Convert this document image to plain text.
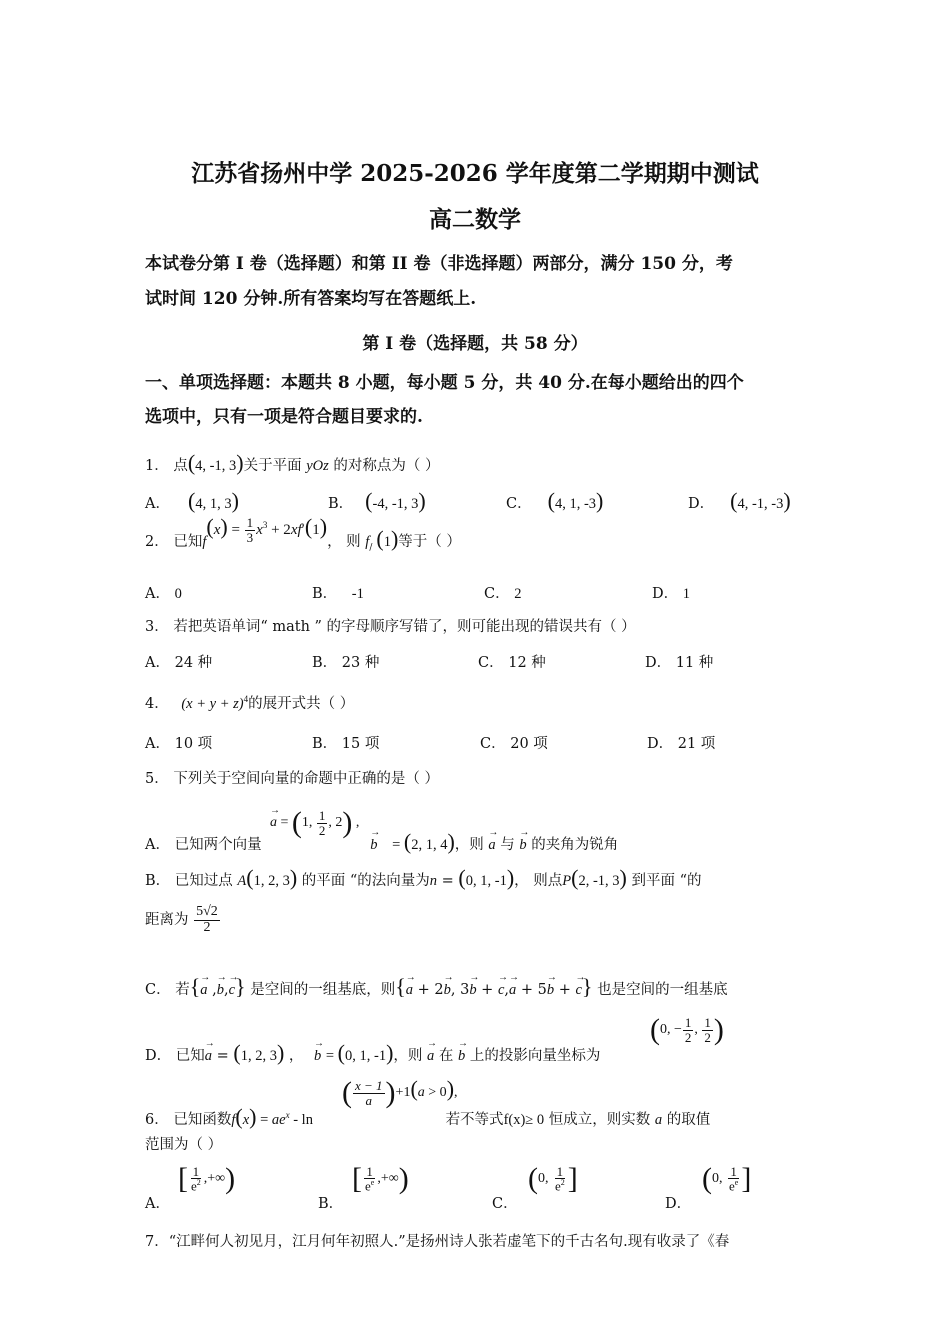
江苏省扬州中学 2025-2026 学年度第二学期期中测试
高二数学
本试卷分第 I 卷（选择题）和第 II 卷（非选择题）两部分，满分 150 分，考
试时间 120 分钟.所有答案均写在答题纸上.
第 I 卷（选择题，共 58 分）
一、单项选择题：本题共 8 小题，每小题 5 分，共 40 分.在每小题给出的四个
选项中，只有一项是符合题目要求的.
1． 点(4, -1, 3)关于平面 yOz 的对称点为（ ）
A． (4, 1, 3)	B． (-4, -1, 3)	C． (4, 1, -3)	D． (4, -1, -3)
2． 已知$f(x) = \frac{1}{3} x^3 + 2xf'(1)$， 则 $f_/$ (1)等于（ ）
A． 0	B． -1	C． 2	D． 1
3． 若把英语单词“ math ” 的字母顺序写错了，则可能出现的错误共有（ ）
A． 24 种	B． 23 种	C． 12 种	D． 11 种
4． $(x + y + z)^4$的展开式共（ ）
A． 10 项	B． 15 项	C． 20 项	D． 21 项
5． 下列关于空间向量的命题中正确的是（ ）
→ a = (1, $\frac{1}{2}$ , 2) ,
A． 已知两个向量	→ b = (2, 1, 4)，则 → a 与 → b 的夹角为锐角
B． 已知过点 A(1, 2, 3) 的平面 “的法向量为n = (0, 1, -1)， 则点P(2, -1, 3) 到平面 “的
距离为 $\frac{5√2}{2}$
C． 若{→ a ,→ b,→ c} 是空间的一组基底，则{→ a + 2→ b, 3→ b + → c,→ a + 5→ b + → c} 也是空间的一组基底
(0, − $\frac{1}{2}$ , $\frac{1}{2}$ )
D． 已知→ a = (1, 2, 3) ， → b = (0, 1, -1)，则 → a 在 → b 上的投影向量坐标为
( $\frac{x - 1}{a} )+1(a > 0)$,
6． 已知函数$f(x) = ae^x - \ln$	若不等式f(x)≥ 0 恒成立，则实数 a 的取值
范围为（ ）
A．
[ $\frac{1}{e^2}$ ,+∞)
B．
[ $\frac{1}{e^e}$ ,+∞)
C．
(0, $\frac{1}{e^2}$ ]
D．
(0, $\frac{1}{e^e}$ ]
7．“江畔何人初见月，江月何年初照人.”是扬州诗人张若虚笔下的千古名句.现有收录了《春
